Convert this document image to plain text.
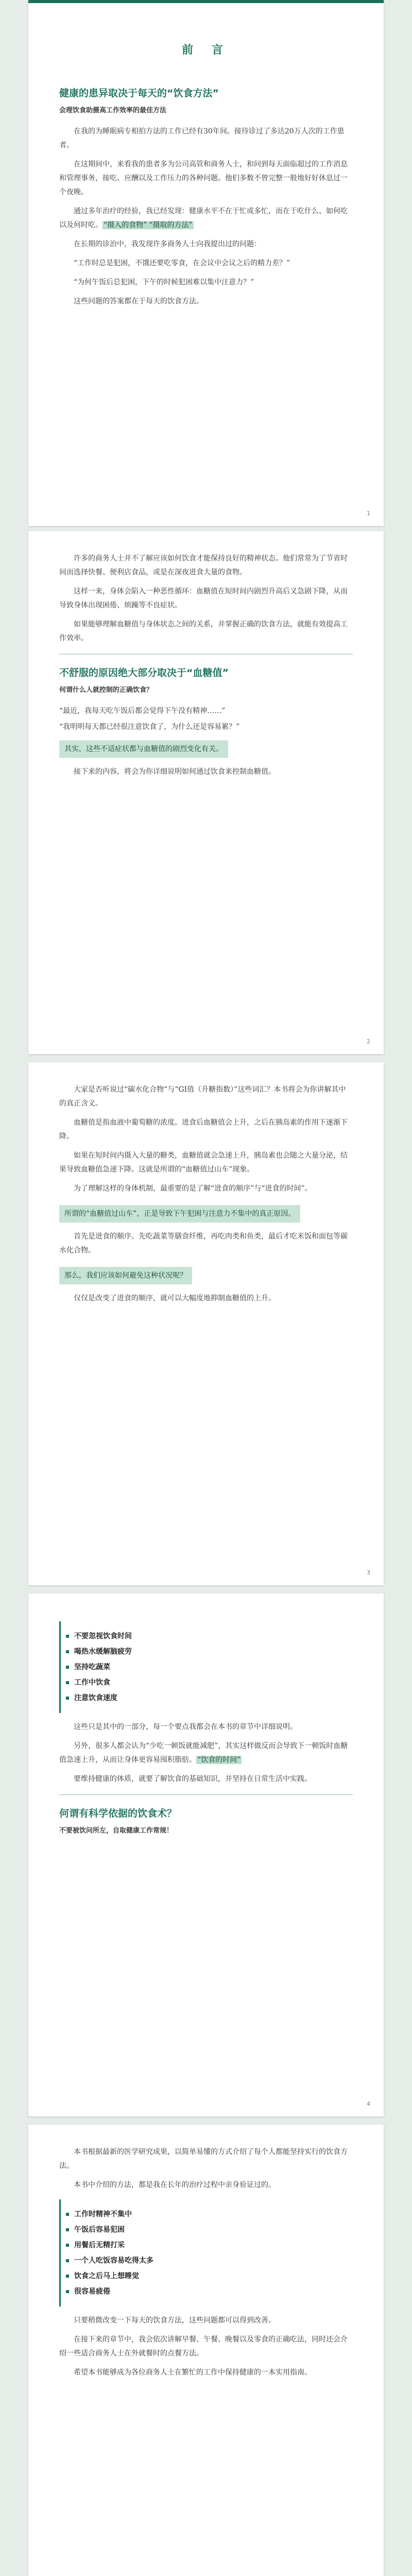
前 言
健康的患异取决于每天的“饮食方法”
会理饮食助摄高工作效率的最佳方法

在我的为睡眠病专相拍方法的工作已经有30年间。接待诊过了多达20万人次的工作患者。

在这期间中，来看我的患者多为公司高管和商务人士，和问到每天面临超过的工作消息和管理事务，接吃、应酬以及工作压力的各种问题。他们多数不曾完整一般地好好休息过一个夜晚。

通过多年治疗的经验，我已经发现：健康水平不在于忙或多忙，而在于吃什么、如何吃以及何时吃。 “摄入的食物” “摄取的方法”

在长期的诊治中，我发现许多商务人士向我提出过的问题：

“工作时总是犯困，不饿还要吃零食，在会议中会议之后的精力差？”

“为何午饭后总犯困，下午的时候犯困难以集中注意力？”

这些问题的答案都在于每天的饮食方法。

1

许多的商务人士并不了解应该如何饮食才能保持良好的精神状态。他们常常为了节省时间而选择快餐、便利店食品，或是在深夜进食大量的食物。

这样一来，身体会陷入一种恶性循环：血糖值在短时间内剧烈升高后又急剧下降，从而导致身体出现困倦、烦躁等不良症状。

如果能够理解血糖值与身体状态之间的关系，并掌握正确的饮食方法，就能有效提高工作效率。

不舒服的原因绝大部分取决于“血糖值”
何谓什么人就控制的正确饮食？
“最近，我每天吃午饭后都会觉得下午没有精神……”
“我明明每天都已经很注意饮食了，为什么还是容易累？”
其实，这些不适症状都与血糖值的剧烈变化有关。

接下来的内容，将会为你详细说明如何通过饮食来控制血糖值。

2

大家是否听说过“碳水化合物”与“GI值（升糖指数）”这些词汇？本书将会为你讲解其中的真正含义。

血糖值是指血液中葡萄糖的浓度。进食后血糖值会上升，之后在胰岛素的作用下逐渐下降。

如果在短时间内摄入大量的糖类，血糖值就会急速上升，胰岛素也会随之大量分泌，结果导致血糖值急速下降。这就是所谓的“血糖值过山车”现象。

为了理解这样的身体机制，最重要的是了解“进食的顺序”与“进食的时间”。

所谓的“血糖值过山车”，正是导致下午犯困与注意力不集中的真正原因。

首先是进食的顺序。先吃蔬菜等膳食纤维，再吃肉类和鱼类，最后才吃米饭和面包等碳水化合物。

那么，我们应该如何避免这种状况呢？

仅仅是改变了进食的顺序，就可以大幅度地抑制血糖值的上升。

3
不要忽视饮食时间
喝热水缓解脑疲劳
坚持吃蔬菜
工作中饮食
注意饮食速度

这些只是其中的一部分，每一个要点我都会在本书的章节中详细说明。

另外，很多人都会认为“少吃一顿饭就能减肥”，其实这样做反而会导致下一顿饭时血糖值急速上升，从而让身体更容易囤积脂肪。 “饮食的时间”

要维持健康的体质，就要了解饮食的基础知识，并坚持在日常生活中实践。

何谓有科学依据的饮食术？
不要被饮问所左，自取健康工作常规！
4

本书根据最新的医学研究成果，以简单易懂的方式介绍了每个人都能坚持实行的饮食方法。

本书中介绍的方法，都是我在长年的治疗过程中亲身验证过的。

工作时精神不集中
午饭后容易犯困
用餐后无精打采
一个人吃饭容易吃得太多
饮食之后马上想睡觉
很容易疲倦

只要稍微改变一下每天的饮食方法，这些问题都可以得到改善。

在接下来的章节中，我会依次讲解早餐、午餐、晚餐以及零食的正确吃法，同时还会介绍一些适合商务人士在外就餐时的点餐方法。

希望本书能够成为各位商务人士在繁忙的工作中保持健康的一本实用指南。
